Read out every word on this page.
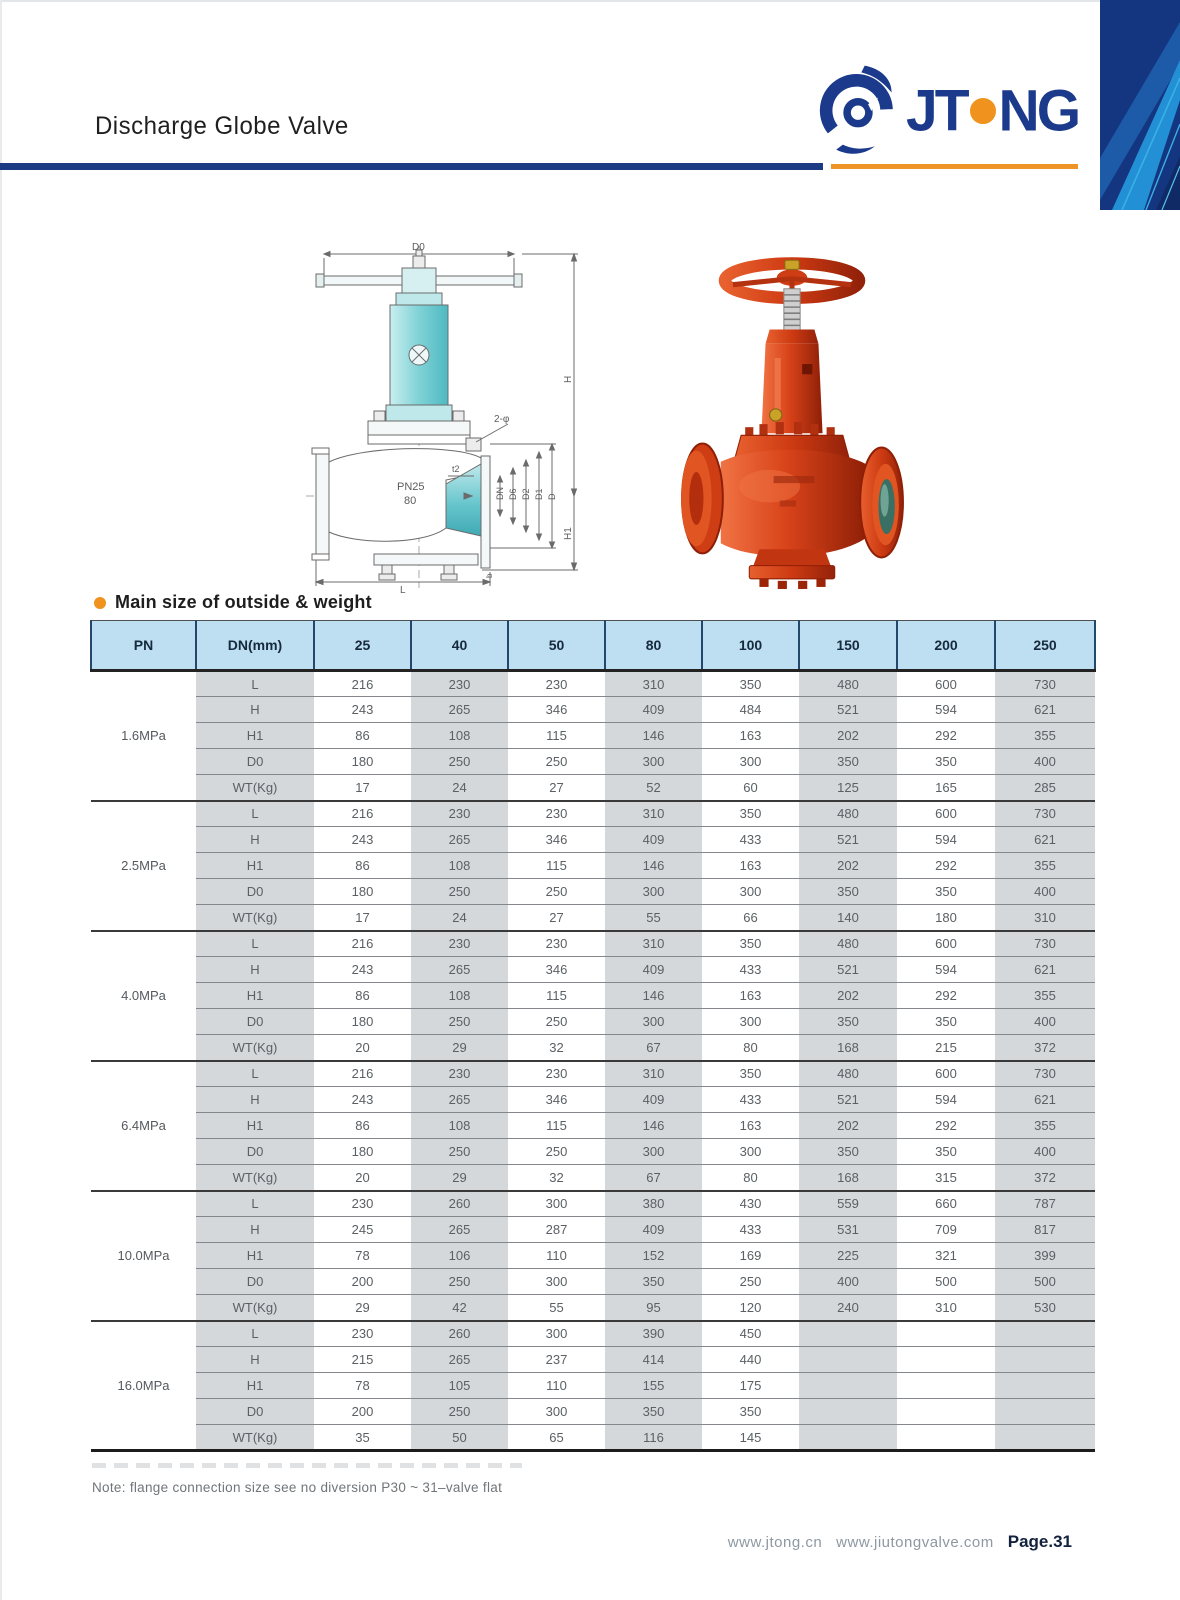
Discharge Globe Valve	JT NG
D0
2-φ
t2
PN25
80
DN D6 D2 D1 D
H
H1
L
b
Main size of outside & weight
PN	DN(mm)	25	40	50	80	100	150	200	250
1.6MPa	L	216	230	230	310	350	480	600	730
	H	243	265	346	409	484	521	594	621
	H1	86	108	115	146	163	202	292	355
	D0	180	250	250	300	300	350	350	400
	WT(Kg)	17	24	27	52	60	125	165	285
2.5MPa	L	216	230	230	310	350	480	600	730
	H	243	265	346	409	433	521	594	621
	H1	86	108	115	146	163	202	292	355
	D0	180	250	250	300	300	350	350	400
	WT(Kg)	17	24	27	55	66	140	180	310
4.0MPa	L	216	230	230	310	350	480	600	730
	H	243	265	346	409	433	521	594	621
	H1	86	108	115	146	163	202	292	355
	D0	180	250	250	300	300	350	350	400
	WT(Kg)	20	29	32	67	80	168	215	372
6.4MPa	L	216	230	230	310	350	480	600	730
	H	243	265	346	409	433	521	594	621
	H1	86	108	115	146	163	202	292	355
	D0	180	250	250	300	300	350	350	400
	WT(Kg)	20	29	32	67	80	168	315	372
10.0MPa	L	230	260	300	380	430	559	660	787
	H	245	265	287	409	433	531	709	817
	H1	78	106	110	152	169	225	321	399
	D0	200	250	300	350	250	400	500	500
	WT(Kg)	29	42	55	95	120	240	310	530
16.0MPa	L	230	260	300	390	450			
	H	215	265	237	414	440			
	H1	78	105	110	155	175			
	D0	200	250	300	350	350			
	WT(Kg)	35	50	65	116	145			
Note: flange connection size see no diversion P30 ~ 31–valve flat
www.jtong.cn www.jiutongvalve.com Page.31
